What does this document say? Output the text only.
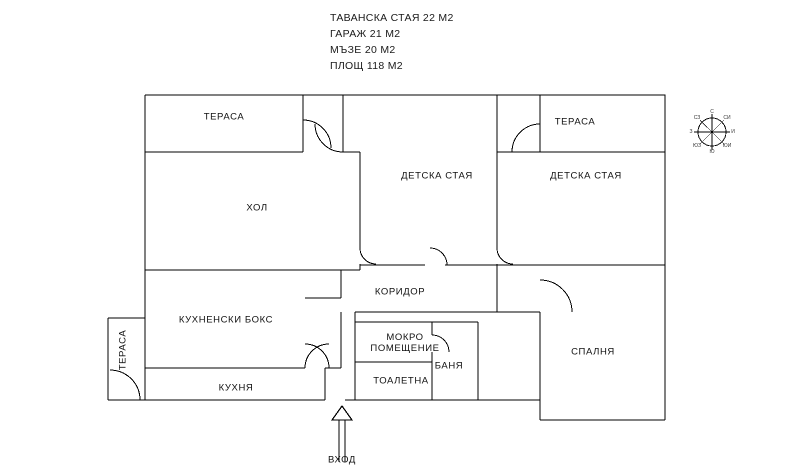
ТАВАНСКА СТАЯ 22 М2
ГАРАЖ 21 М2
МЪЗЕ 20 М2
ПЛОЩ 118 М2
ТЕРАСА	ТЕРАСА
ХОЛ
ДЕТСКА СТАЯ	ДЕТСКА СТАЯ
КОРИДОР
КУХНЕНСКИ БОКС
КУХНЯ
ТЕРАСА	МОКРО
ПОМЕЩЕНИЕ
ТОАЛЕТНА
БАНЯ
СПАЛНЯ
ВХОД
С
СИ
И
ЮИ
Ю
ЮЗ
З
СЗ
